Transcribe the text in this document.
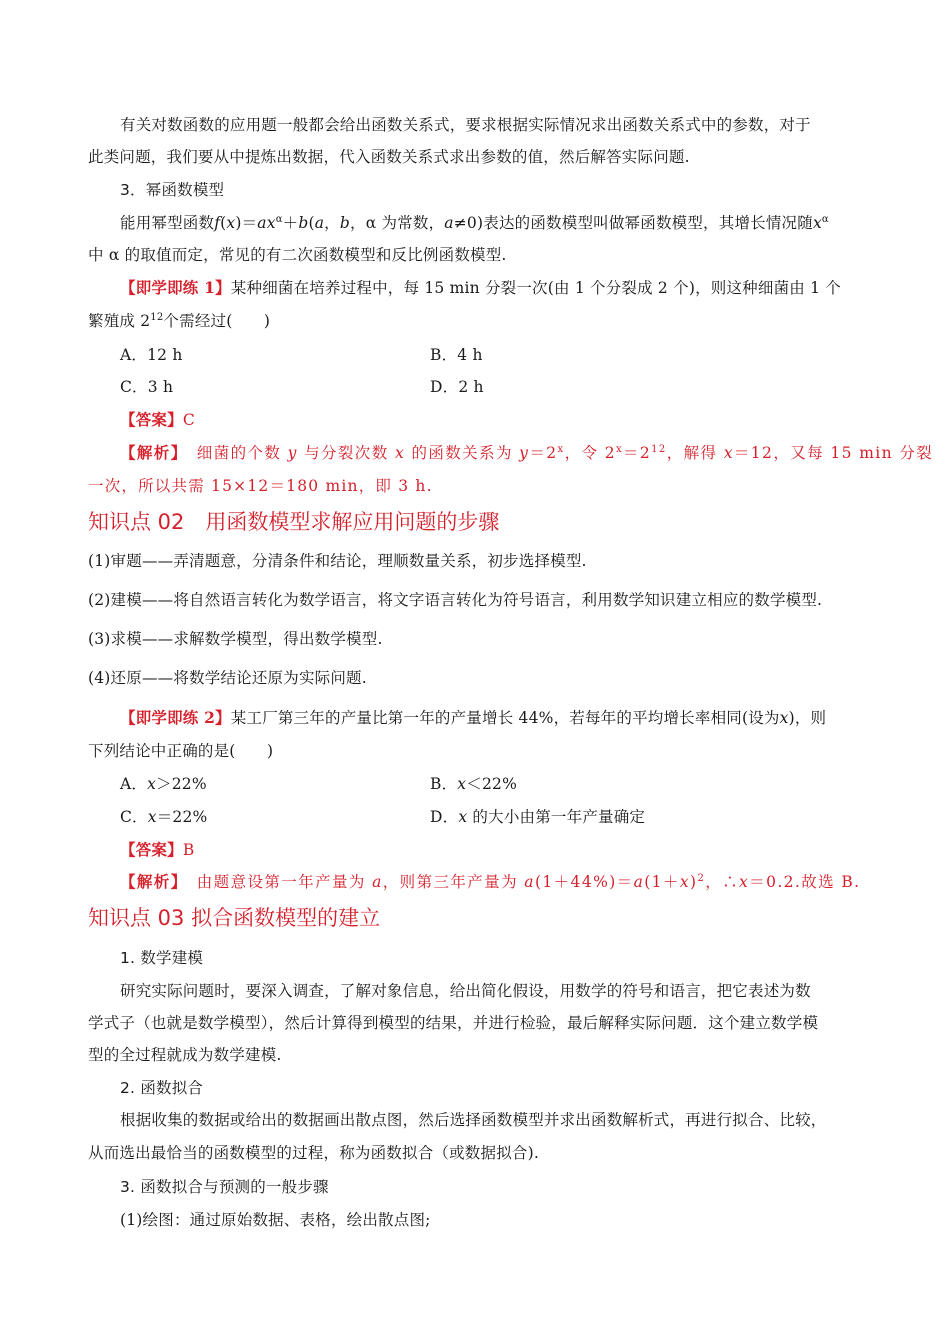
有关对数函数的应用题一般都会给出函数关系式，要求根据实际情况求出函数关系式中的参数，对于
此类问题，我们要从中提炼出数据，代入函数关系式求出参数的值，然后解答实际问题.
3．幂函数模型
能用幂型函数$f(x)=ax^\alpha+b(a$，b，α 为常数，a≠0)表达的函数模型叫做幂函数模型，其增长情况随$x^\alpha$
中 α 的取值而定，常见的有二次函数模型和反比例函数模型.
【即学即练 1】某种细菌在培养过程中，每 15 min 分裂一次(由 1 个分裂成 2 个)，则这种细菌由 1 个
繁殖成 $2^{12}$个需经过(　　)
A．12 h	B．4 h
C．3 h	D．2 h
【答案】C
【解析】　 细菌的个数 y 与分裂次数 x 的函数关系为 $y=2^x$，令 $2^x=2^{12}$，解得 x＝12，又每 15 min 分裂
一次，所以共需 15×12＝180 min，即 3 h.
知识点 02　用函数模型求解应用问题的步骤
(1)审题——弄清题意，分清条件和结论，理顺数量关系，初步选择模型.
(2)建模——将自然语言转化为数学语言，将文字语言转化为符号语言，利用数学知识建立相应的数学模型.
(3)求模——求解数学模型，得出数学模型.
(4)还原——将数学结论还原为实际问题.
【即学即练 2】某工厂第三年的产量比第一年的产量增长 44%，若每年的平均增长率相同(设为x)，则
下列结论中正确的是(　　)
A．x＞22%	B．x＜22%
C．x＝22%	D．x 的大小由第一年产量确定
【答案】B
【解析】　 由题意设第一年产量为 a，则第三年产量为 $a(1+44\%)=a(1+x)^2$，∴x＝0.2.故选 B.
知识点 03 拟合函数模型的建立
1. 数学建模
研究实际问题时，要深入调查，了解对象信息，给出简化假设，用数学的符号和语言，把它表述为数
学式子（也就是数学模型），然后计算得到模型的结果，并进行检验，最后解释实际问题．这个建立数学模
型的全过程就成为数学建模.
2. 函数拟合
根据收集的数据或给出的数据画出散点图，然后选择函数模型并求出函数解析式，再进行拟合、比较，
从而选出最恰当的函数模型的过程，称为函数拟合（或数据拟合).
3. 函数拟合与预测的一般步骤
(1)绘图：通过原始数据、表格，绘出散点图;
